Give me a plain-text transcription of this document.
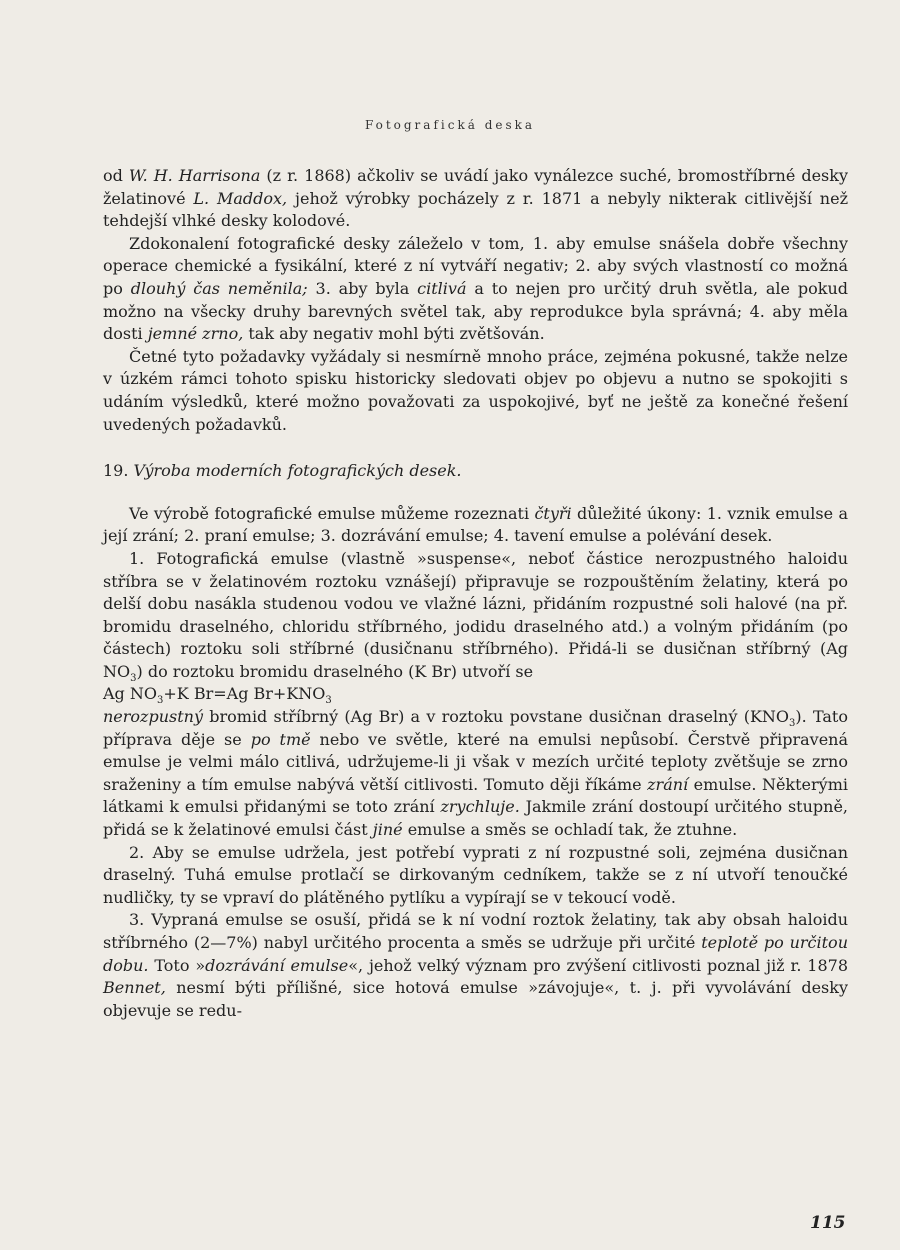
Fotografická deska

od W. H. Harrisona (z r. 1868) ačkoliv se uvádí jako vynálezce suché, bromostříbrné desky želatinové L. Maddox, jehož výrobky pocházely z r. 1871 a nebyly nikterak citlivější než tehdejší vlhké desky kolodové.

Zdokonalení fotografické desky záleželo v tom, 1. aby emulse snášela dobře všechny operace chemické a fysikální, které z ní vytváří negativ; 2. aby svých vlastností co možná po dlouhý čas neměnila; 3. aby byla citlivá a to nejen pro určitý druh světla, ale pokud možno na všecky druhy barevných světel tak, aby reprodukce byla správná; 4. aby měla dosti jemné zrno, tak aby negativ mohl býti zvětšován.

Četné tyto požadavky vyžádaly si nesmírně mnoho práce, zejména pokusné, takže nelze v úzkém rámci tohoto spisku historicky sledovati objev po objevu a nutno se spokojiti s udáním výsledků, které možno považovati za uspokojivé, byť ne ještě za konečné řešení uvedených požadavků.

19. Výroba moderních fotografických desek.

Ve výrobě fotografické emulse můžeme rozeznati čtyři důležité úkony: 1. vznik emulse a její zrání; 2. praní emulse; 3. dozrávání emulse; 4. tavení emulse a polévání desek.

1. Fotografická emulse (vlastně »suspense«, neboť částice nerozpustného haloidu stříbra se v želatinovém roztoku vznášejí) připravuje se rozpouštěním želatiny, která po delší dobu nasákla studenou vodou ve vlažné lázni, přidáním rozpustné soli halové (na př. bromidu draselného, chloridu stříbrného, jodidu draselného atd.) a volným přidáním (po částech) roztoku soli stříbrné (dusičnanu stříbrného). Přidá-li se dusičnan stříbrný (Ag $NO_3$) do roztoku bromidu draselného (K Br) utvoří se

Ag $NO_3+K$ Br=Ag $Br+KNO_3$

nerozpustný bromid stříbrný (Ag Br) a v roztoku povstane dusičnan draselný $(KNO_3)$. Tato příprava děje se po tmě nebo ve světle, které na emulsi nepůsobí. Čerstvě připravená emulse je velmi málo citlivá, udržujeme-li ji však v mezích určité teploty zvětšuje se zrno sraženiny a tím emulse nabývá větší citlivosti. Tomuto ději říkáme zrání emulse. Některými látkami k emulsi přidanými se toto zrání zrychluje. Jakmile zrání dostoupí určitého stupně, přidá se k želatinové emulsi část jiné emulse a směs se ochladí tak, že ztuhne.

2. Aby se emulse udržela, jest potřebí vyprati z ní rozpustné soli, zejména dusičnan draselný. Tuhá emulse protlačí se dirkovaným cedníkem, takže se z ní utvoří tenoučké nudličky, ty se vpraví do plátěného pytlíku a vypírají se v tekoucí vodě.

3. Vypraná emulse se osuší, přidá se k ní vodní roztok želatiny, tak aby obsah haloidu stříbrného (2—7%) nabyl určitého procenta a směs se udržuje při určité teplotě po určitou dobu. Toto »dozrávání emulse«, jehož velký význam pro zvýšení citlivosti poznal již r. 1878 Bennet, nesmí býti přílišné, sice hotová emulse »závojuje«, t. j. při vyvolávání desky objevuje se redu-

115
